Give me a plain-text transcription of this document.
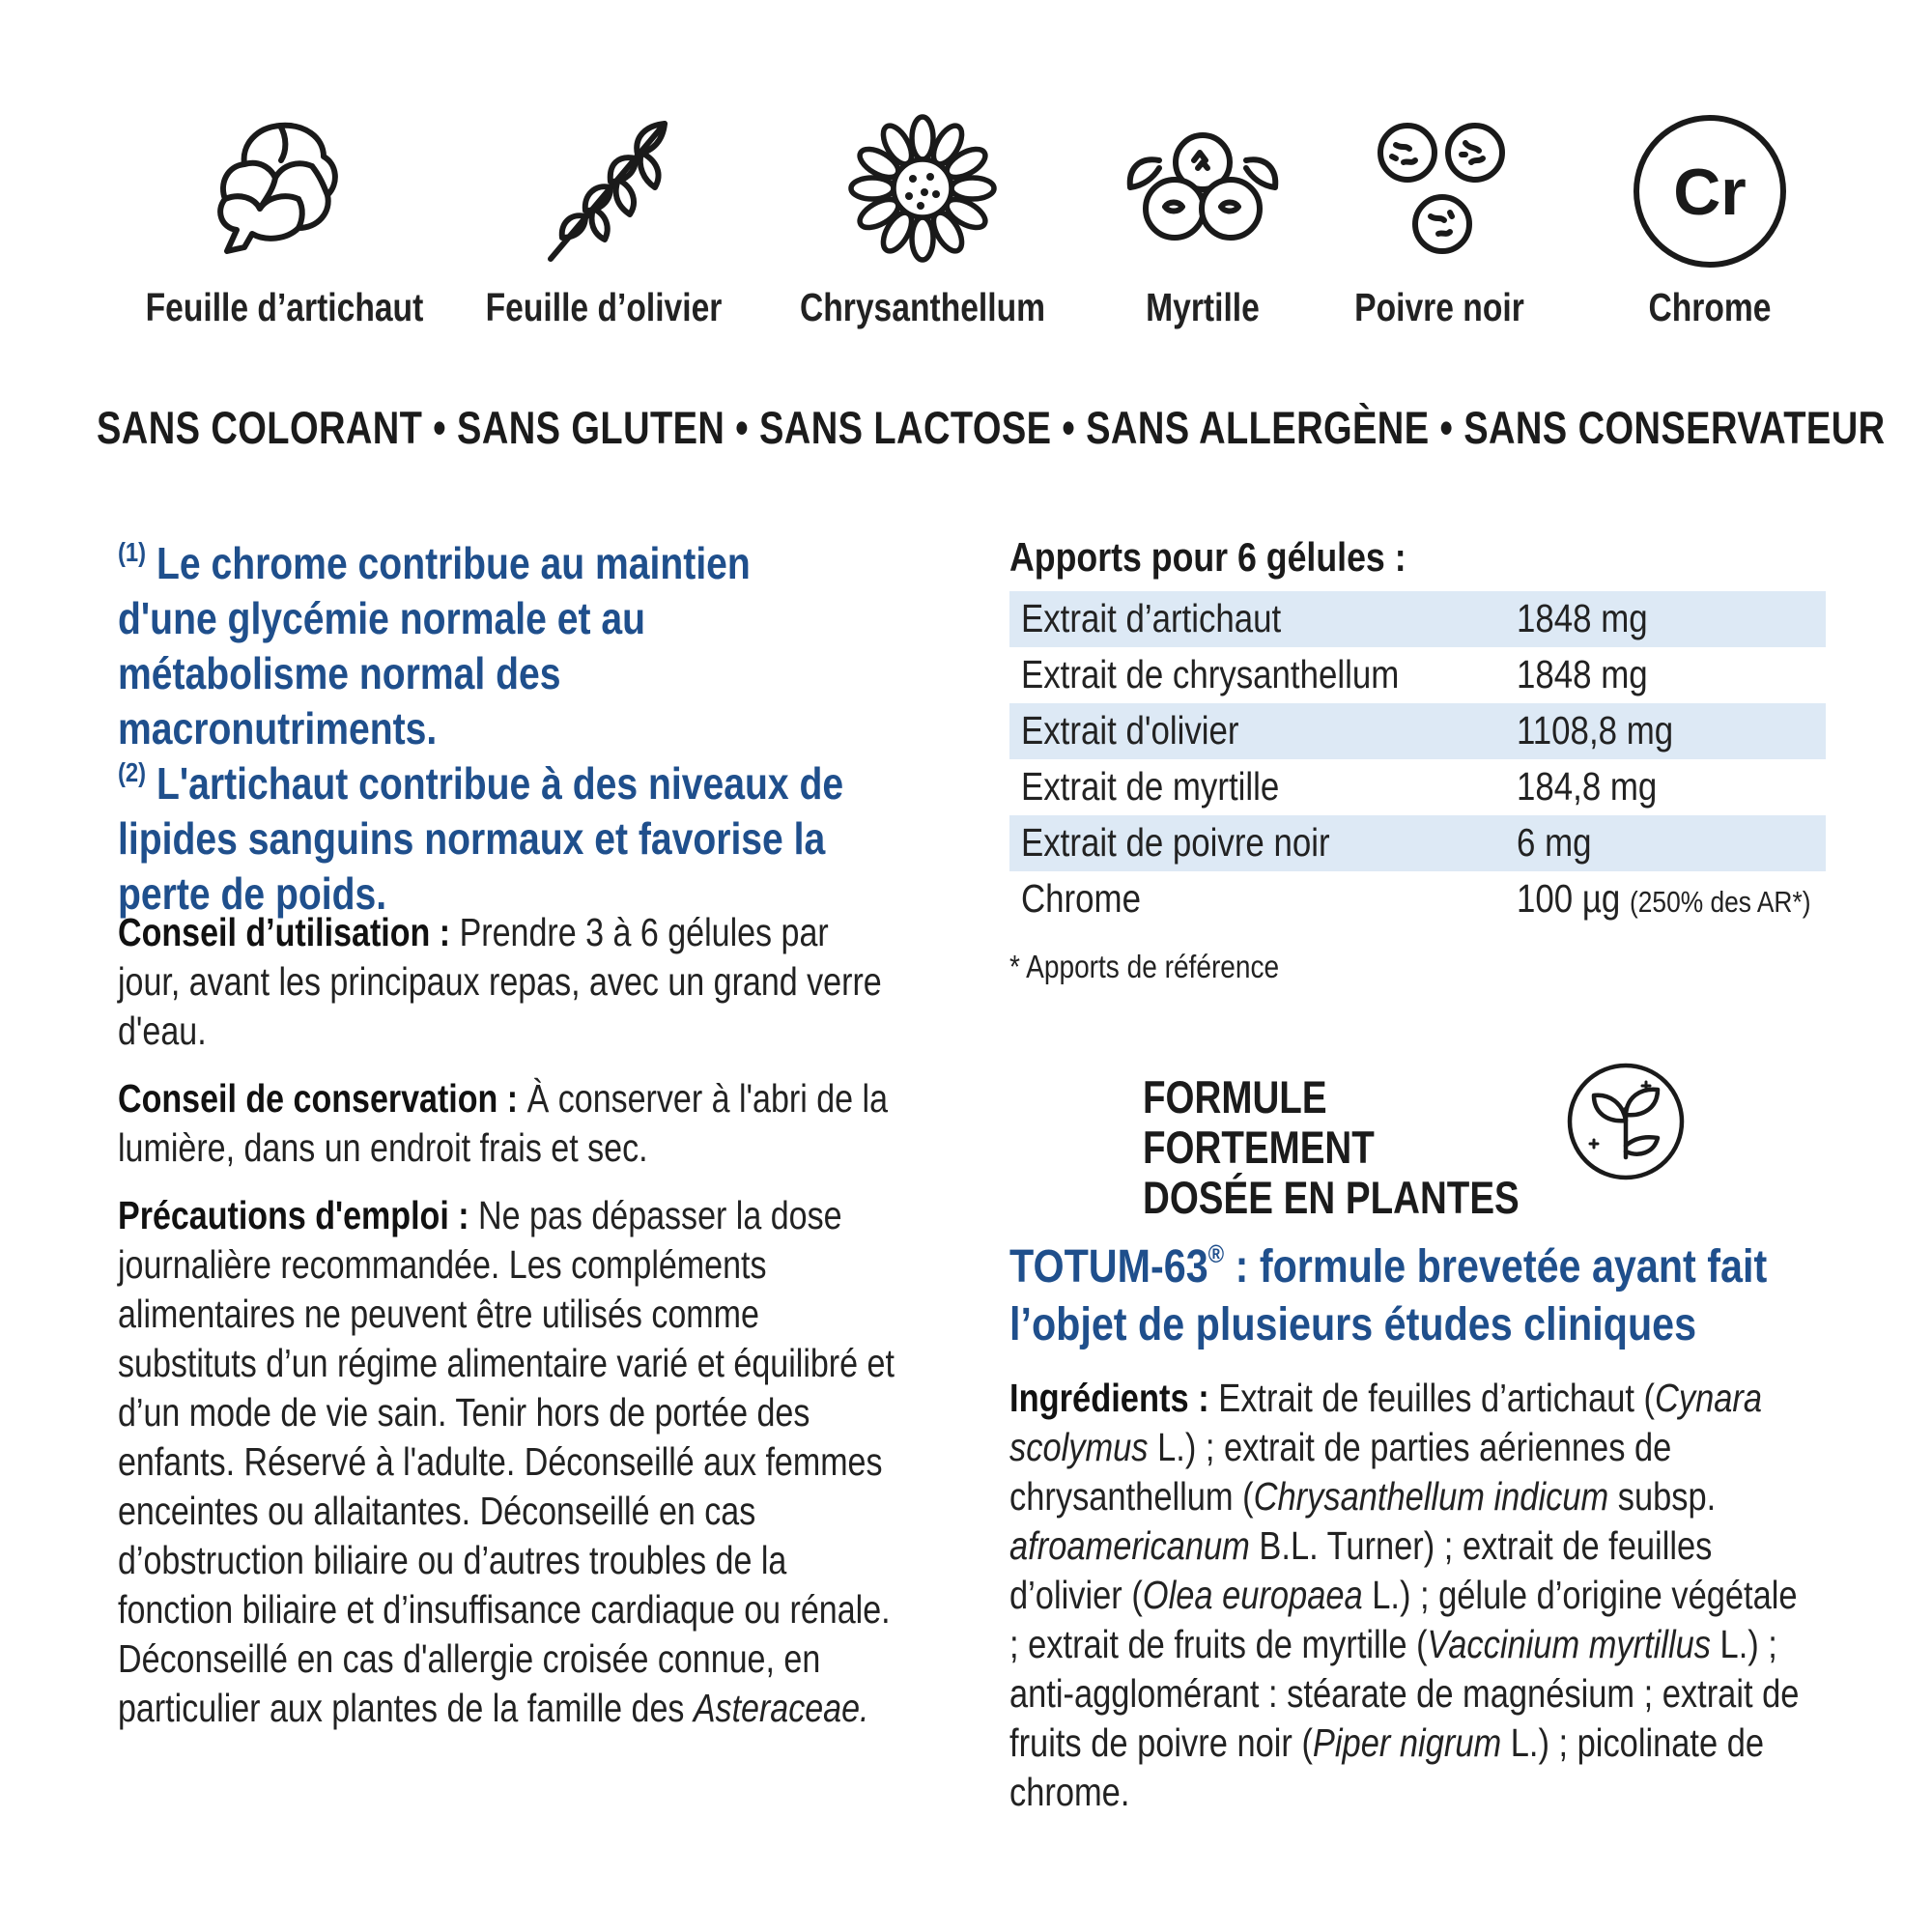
Feuille d’artichaut	Feuille d’olivier	Chrysanthellum	Myrtille	Poivre noir
Cr
Chrome
SANS COLORANT • SANS GLUTEN • SANS LACTOSE • SANS ALLERGÈNE • SANS CONSERVATEUR
$^{(1)}$ Le chrome contribue au maintien d'une glycémie normale et au métabolisme normal des macronutriments.
$^{(2)}$ L'artichaut contribue à des niveaux de lipides sanguins normaux et favorise la perte de poids.
Conseil d’utilisation : Prendre 3 à 6 gélules par jour, avant les principaux repas, avec un grand verre d'eau.
Conseil de conservation : À conserver à l'abri de la lumière, dans un endroit frais et sec.
Précautions d'emploi : Ne pas dépasser la dose journalière recommandée. Les compléments alimentaires ne peuvent être utilisés comme substituts d’un régime alimentaire varié et équilibré et d’un mode de vie sain. Tenir hors de portée des enfants. Réservé à l'adulte. Déconseillé aux femmes enceintes ou allaitantes. Déconseillé en cas d’obstruction biliaire ou d’autres troubles de la fonction biliaire et d’insuffisance cardiaque ou rénale. Déconseillé en cas d'allergie croisée connue, en particulier aux plantes de la famille des Asteraceae.
Apports pour 6 gélules :
Extrait d’artichaut	1848 mg
Extrait de chrysanthellum	1848 mg
Extrait d'olivier	1108,8 mg
Extrait de myrtille	184,8 mg
Extrait de poivre noir	6 mg
Chrome	100 µg (250% des AR*)
* Apports de référence
FORMULE FORTEMENT
DOSÉE EN PLANTES
TOTUM-63® : formule brevetée ayant fait l’objet de plusieurs études cliniques
Ingrédients : Extrait de feuilles d’artichaut (Cynara scolymus L.) ; extrait de parties aériennes de chrysanthellum (Chrysanthellum indicum subsp. afroamericanum B.L. Turner) ; extrait de feuilles d’olivier (Olea europaea L.) ; gélule d’origine végétale ; extrait de fruits de myrtille (Vaccinium myrtillus L.) ; anti-agglomérant : stéarate de magnésium ; extrait de fruits de poivre noir (Piper nigrum L.) ; picolinate de chrome.
